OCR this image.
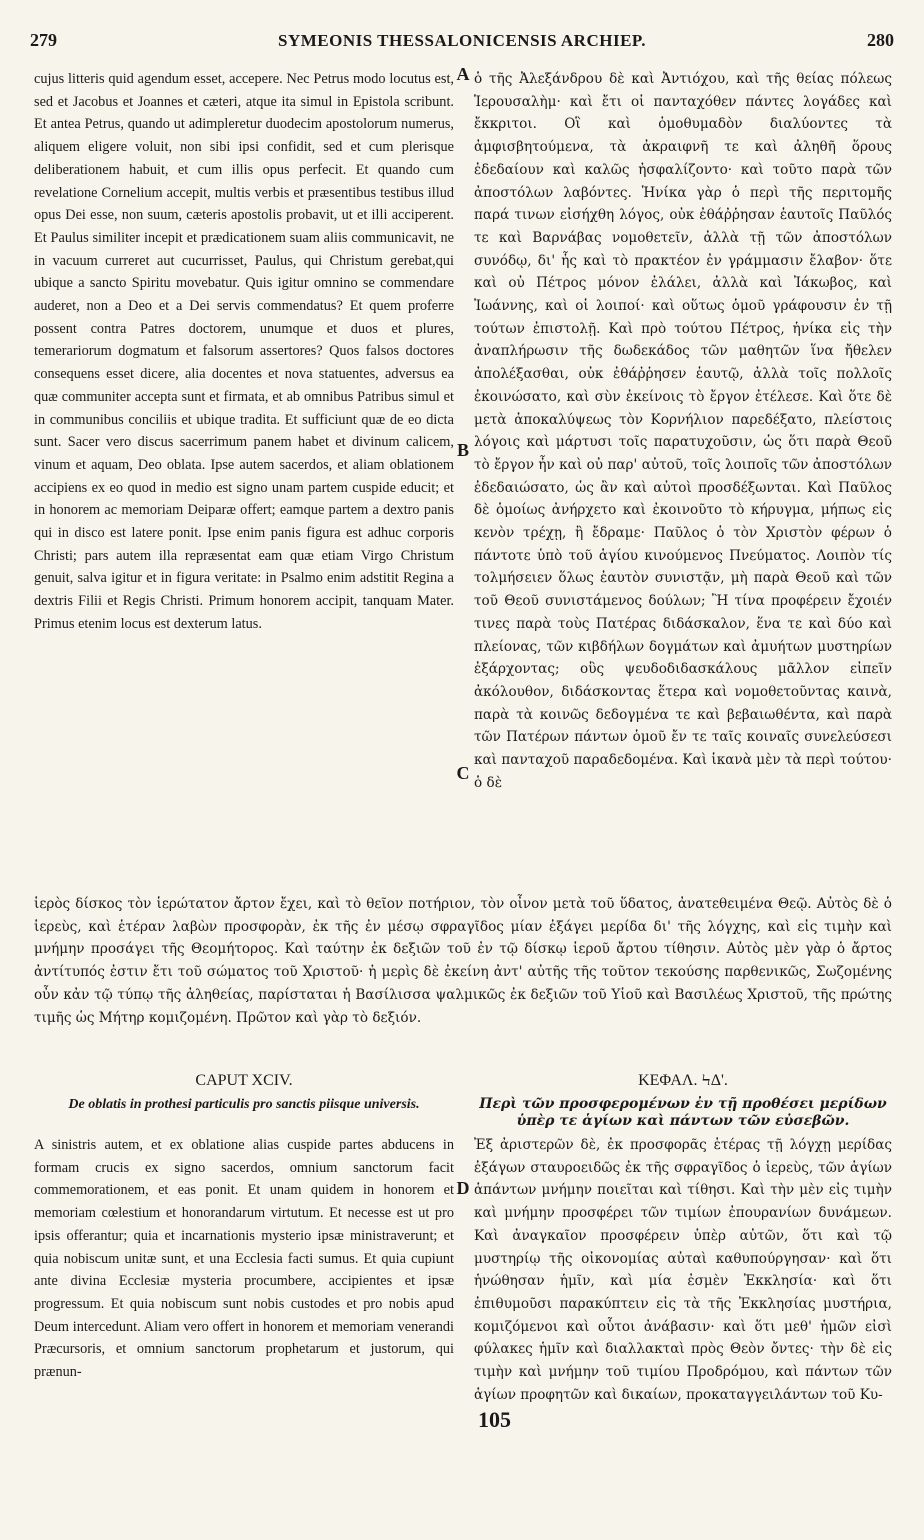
279	SYMEONIS THESSALONICENSIS ARCHIEP.	280

cujus litteris quid agendum esset, accepere. Nec Petrus modo locutus est, sed et Jacobus et Joannes et cæteri, atque ita simul in Epistola scribunt. Et antea Petrus, quando ut adimpleretur duodecim apostolorum numerus, aliquem eligere voluit, non sibi ipsi confidit, sed et cum plerisque deliberationem habuit, et cum illis opus perfecit. Et quando cum revelatione Cornelium accepit, multis verbis et præsentibus testibus illud opus Dei esse, non suum, cæteris apostolis probavit, ut et illi acciperent. Et Paulus similiter incepit et prædicationem suam aliis communicavit, ne in vacuum curreret aut cucurrisset, Paulus, qui Christum gerebat,qui ubique a sancto Spiritu movebatur. Quis igitur omnino se commendare auderet, non a Deo et a Dei servis commendatus? Et quem proferre possent contra Patres doctorem, unumque et duos et plures, temerariorum dogmatum et falsorum assertores? Quos falsos doctores consequens esset dicere, alia docentes et nova statuentes, adversus ea quæ communiter accepta sunt et firmata, et ab omnibus Patribus simul et in communibus conciliis et ubique tradita. Et sufficiunt quæ de eo dicta sunt. Sacer vero discus sacerrimum panem habet et divinum calicem, vinum et aquam, Deo oblata. Ipse autem sacerdos, et aliam oblationem accipiens ex eo quod in medio est signo unam partem cuspide educit; et in honorem ac memoriam Deiparæ offert; eamque partem a dextro panis qui in disco est latere ponit. Ipse enim panis figura est adhuc corporis Christi; pars autem illa repræsentat eam quæ etiam Virgo Christum genuit, salva igitur et in figura veritate: in Psalmo enim adstitit Regina a dextris Filii et Regis Christi. Primum honorem accipit, tanquam Mater. Primus etenim locus est dexterum latus.

ὁ τῆς Ἀλεξάνδρου δὲ καὶ Ἀντιόχου, καὶ τῆς θείας πόλεως Ἱερουσαλὴμ· καὶ ἔτι οἱ πανταχόθεν πάντες λογάδες καὶ ἔκκριτοι. Οἳ καὶ ὁμοθυμαδὸν διαλύοντες τὰ ἀμφισβητούμενα, τὰ ἀκραιφνῆ τε καὶ ἀληθῆ ὅρους ἐδεδαίουν καὶ καλῶς ἠσφαλίζοντο· καὶ τοῦτο παρὰ τῶν ἀποστόλων λαβόντες. Ἡνίκα γὰρ ὁ περὶ τῆς περιτομῆς παρά τινων εἰσήχθη λόγος, οὐκ ἐθάῤῥησαν ἑαυτοῖς Παῦλός τε καὶ Βαρνάβας νομοθετεῖν, ἀλλὰ τῇ τῶν ἀποστόλων συνόδῳ, δι' ἧς καὶ τὸ πρακτέον ἐν γράμμασιν ἔλαβον· ὅτε καὶ οὐ Πέτρος μόνον ἐλάλει, ἀλλὰ καὶ Ἰάκωβος, καὶ Ἰωάννης, καὶ οἱ λοιποί· καὶ οὕτως ὁμοῦ γράφουσιν ἐν τῇ τούτων ἐπιστολῇ. Καὶ πρὸ τούτου Πέτρος, ἡνίκα εἰς τὴν ἀναπλήρωσιν τῆς δωδεκάδος τῶν μαθητῶν ἵνα ἤθελεν ἀπολέξασθαι, οὐκ ἐθάῤῥησεν ἑαυτῷ, ἀλλὰ τοῖς πολλοῖς ἐκοινώσατο, καὶ σὺν ἐκείνοις τὸ ἔργον ἐτέλεσε. Καὶ ὅτε δὲ μετὰ ἀποκαλύψεως τὸν Κορνήλιον παρεδέξατο, πλείστοις λόγοις καὶ μάρτυσι τοῖς παρατυχοῦσιν, ὡς ὅτι παρὰ Θεοῦ τὸ ἔργον ἦν καὶ οὐ παρ' αὐτοῦ, τοῖς λοιποῖς τῶν ἀποστόλων ἐδεδαιώσατο, ὡς ἂν καὶ αὐτοὶ προσδέξωνται. Καὶ Παῦλος δὲ ὁμοίως ἀνήρχετο καὶ ἐκοινοῦτο τὸ κήρυγμα, μήπως εἰς κενὸν τρέχῃ, ἢ ἔδραμε· Παῦλος ὁ τὸν Χριστὸν φέρων ὁ πάντοτε ὑπὸ τοῦ ἁγίου κινούμενος Πνεύματος. Λοιπὸν τίς τολμήσειεν ὅλως ἑαυτὸν συνιστᾷν, μὴ παρὰ Θεοῦ καὶ τῶν τοῦ Θεοῦ συνιστάμενος δούλων; Ἢ τίνα προφέρειν ἔχοιέν τινες παρὰ τοὺς Πατέρας διδάσκαλον, ἕνα τε καὶ δύο καὶ πλείονας, τῶν κιβδήλων δογμάτων καὶ ἀμυήτων μυστηρίων ἐξάρχοντας; οὓς ψευδοδιδασκάλους μᾶλλον εἰπεῖν ἀκόλουθον, διδάσκοντας ἕτερα καὶ νομοθετοῦντας καινὰ, παρὰ τὰ κοινῶς δεδογμένα τε καὶ βεβαιωθέντα, καὶ παρὰ τῶν Πατέρων πάντων ὁμοῦ ἔν τε ταῖς κοιναῖς συνελεύσεσι καὶ πανταχοῦ παραδεδομένα. Καὶ ἱκανὰ μὲν τὰ περὶ τούτου· ὁ δὲ

A
B
C
D

ἱερὸς δίσκος τὸν ἱερώτατον ἄρτον ἔχει, καὶ τὸ θεῖον ποτήριον, τὸν οἶνον μετὰ τοῦ ὕδατος, ἀνατεθειμένα Θεῷ. Αὐτὸς δὲ ὁ ἱερεὺς, καὶ ἑτέραν λαβὼν προσφορὰν, ἐκ τῆς ἐν μέσῳ σφραγῖδος μίαν ἐξάγει μερίδα δι' τῆς λόγχης, καὶ εἰς τιμὴν καὶ μνήμην προσάγει τῆς Θεομήτορος. Καὶ ταύτην ἐκ δεξιῶν τοῦ ἐν τῷ δίσκῳ ἱεροῦ ἄρτου τίθησιν. Αὐτὸς μὲν γὰρ ὁ ἄρτος ἀντίτυπός ἐστιν ἔτι τοῦ σώματος τοῦ Χριστοῦ· ἡ μερὶς δὲ ἐκείνη ἀντ' αὐτῆς τῆς τοῦτον τεκούσης παρθενικῶς, Σωζομένης οὖν κἀν τῷ τύπῳ τῆς ἀληθείας, παρίσταται ἡ Βασίλισσα ψαλμικῶς ἐκ δεξιῶν τοῦ Υἱοῦ καὶ Βασιλέως Χριστοῦ, τῆς πρώτης τιμῆς ὡς Μήτηρ κομιζομένη. Πρῶτον καὶ γὰρ τὸ δεξιόν.

CAPUT XCIV.
De oblatis in prothesi particulis pro sanctis piisque universis.
ΚΕΦΑΛ. ϞΔ'.
Περὶ τῶν προσφερομένων ἐν τῇ προθέσει μερίδων ὑπὲρ τε ἁγίων καὶ πάντων τῶν εὐσεβῶν.

A sinistris autem, et ex oblatione alias cuspide partes abducens in formam crucis ex signo sacerdos, omnium sanctorum facit commemorationem, et eas ponit. Et unam quidem in honorem et memoriam cœlestium et honorandarum virtutum. Et necesse est ut pro ipsis offerantur; quia et incarnationis mysterio ipsæ ministraverunt; et quia nobiscum unitæ sunt, et una Ecclesia facti sumus. Et quia cupiunt ante divina Ecclesiæ mysteria procumbere, accipientes et ipsæ progressum. Et quia nobiscum sunt nobis custodes et pro nobis apud Deum intercedunt. Aliam vero offert in honorem et memoriam venerandi Præcursoris, et omnium sanctorum prophetarum et justorum, qui prænun-

Ἐξ ἀριστερῶν δὲ, ἐκ προσφορᾶς ἑτέρας τῇ λόγχῃ μερίδας ἐξάγων σταυροειδῶς ἐκ τῆς σφραγῖδος ὁ ἱερεὺς, τῶν ἁγίων ἁπάντων μνήμην ποιεῖται καὶ τίθησι. Καὶ τὴν μὲν εἰς τιμὴν καὶ μνήμην προσφέρει τῶν τιμίων ἐπουρανίων δυνάμεων. Καὶ ἀναγκαῖον προσφέρειν ὑπὲρ αὐτῶν, ὅτι καὶ τῷ μυστηρίῳ τῆς οἰκονομίας αὐταὶ καθυπούργησαν· καὶ ὅτι ἡνώθησαν ἡμῖν, καὶ μία ἐσμὲν Ἐκκλησία· καὶ ὅτι ἐπιθυμοῦσι παρακύπτειν εἰς τὰ τῆς Ἐκκλησίας μυστήρια, κομιζόμενοι καὶ οὗτοι ἀνάβασιν· καὶ ὅτι μεθ' ἡμῶν εἰσὶ φύλακες ἡμῖν καὶ διαλλακταὶ πρὸς Θεὸν ὄντες· τὴν δὲ εἰς τιμὴν καὶ μνήμην τοῦ τιμίου Προδρόμου, καὶ πάντων τῶν ἁγίων προφητῶν καὶ δικαίων, προκαταγγειλάντων τοῦ Κυ-

105
